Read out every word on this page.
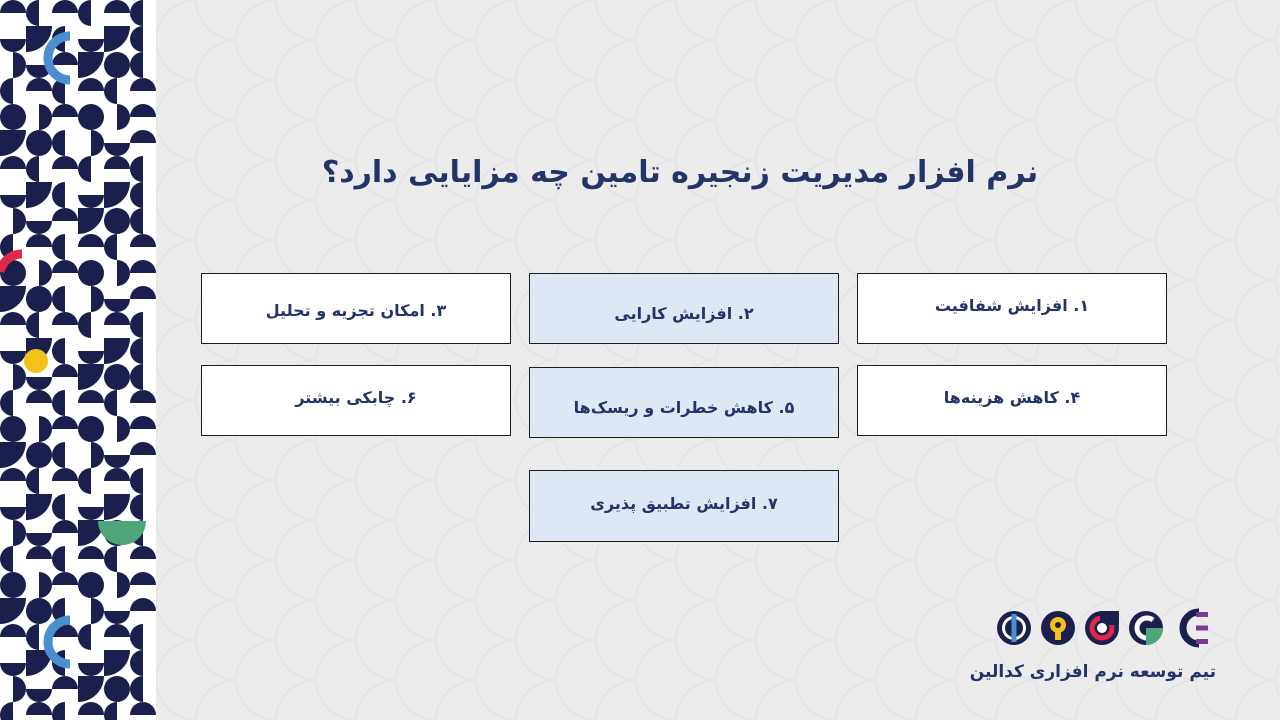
نرم افزار مدیریت زنجیره تامین چه مزایایی دارد؟
۱. افزایش شفافیت
۲. افزایش کارایی
۳. امکان تجزیه و تحلیل
۴. کاهش هزینه‌ها
۵. کاهش خطرات و ریسک‌ها
۶. چابکی بیشتر
۷. افزایش تطبیق پذیری
تیم توسعه نرم افزاری کدالین
